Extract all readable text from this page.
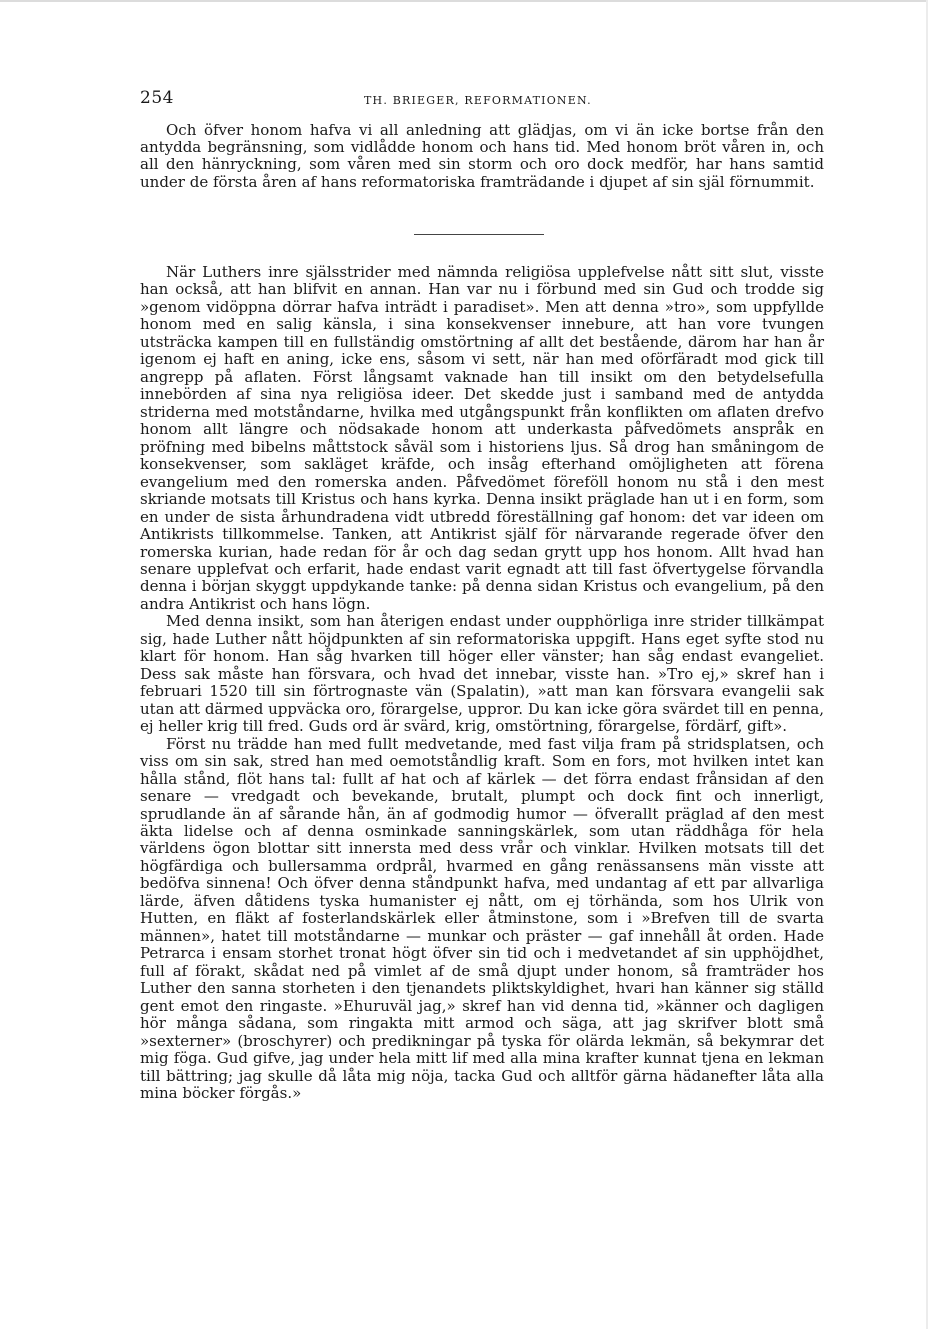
254	TH. BRIEGER, REFORMATIONEN.

Och öfver honom hafva vi all anledning att glädjas, om vi än icke bortse från den antydda begränsning, som vidlådde honom och hans tid. Med honom bröt våren in, och all den hänryckning, som våren med sin storm och oro dock medför, har hans samtid under de första åren af hans reformatoriska framträdande i djupet af sin själ förnummit.

När Luthers inre själsstrider med nämnda religiösa upplefvelse nått sitt slut, visste han också, att han blifvit en annan. Han var nu i förbund med sin Gud och trodde sig »genom vidöppna dörrar hafva inträdt i paradiset». Men att denna »tro», som uppfyllde honom med en salig känsla, i sina konsekvenser innebure, att han vore tvungen utsträcka kampen till en fullständig omstörtning af allt det bestående, därom har han år igenom ej haft en aning, icke ens, såsom vi sett, när han med oförfäradt mod gick till angrepp på aflaten. Först långsamt vaknade han till insikt om den betydelsefulla innebörden af sina nya religiösa ideer. Det skedde just i samband med de antydda striderna med motståndarne, hvilka med utgångspunkt från konflikten om aflaten drefvo honom allt längre och nödsakade honom att underkasta påfvedömets anspråk en pröfning med bibelns måttstock såväl som i historiens ljus. Så drog han småningom de konsekvenser, som sakläget kräfde, och insåg efterhand omöjligheten att förena evangelium med den romerska anden. Påfvedömet föreföll honom nu stå i den mest skriande motsats till Kristus och hans kyrka. Denna insikt präglade han ut i en form, som en under de sista århundradena vidt utbredd föreställning gaf honom: det var ideen om Antikrists tillkommelse. Tanken, att Antikrist själf för närvarande regerade öfver den romerska kurian, hade redan för år och dag sedan grytt upp hos honom. Allt hvad han senare upplefvat och erfarit, hade endast varit egnadt att till fast öfvertygelse förvandla denna i början skyggt uppdykande tanke: på denna sidan Kristus och evangelium, på den andra Antikrist och hans lögn.

Med denna insikt, som han återigen endast under oupphörliga inre strider tillkämpat sig, hade Luther nått höjdpunkten af sin reformatoriska uppgift. Hans eget syfte stod nu klart för honom. Han såg hvarken till höger eller vänster; han såg endast evangeliet. Dess sak måste han försvara, och hvad det innebar, visste han. »Tro ej,» skref han i februari 1520 till sin förtrognaste vän (Spalatin), »att man kan försvara evangelii sak utan att därmed uppväcka oro, förargelse, uppror. Du kan icke göra svärdet till en penna, ej heller krig till fred. Guds ord är svärd, krig, omstörtning, förargelse, fördärf, gift».

Först nu trädde han med fullt medvetande, med fast vilja fram på stridsplatsen, och viss om sin sak, stred han med oemotståndlig kraft. Som en fors, mot hvilken intet kan hålla stånd, flöt hans tal: fullt af hat och af kärlek — det förra endast frånsidan af den senare — vredgadt och bevekande, brutalt, plumpt och dock fint och innerligt, sprudlande än af sårande hån, än af godmodig humor — öfverallt präglad af den mest äkta lidelse och af denna osminkade sanningskärlek, som utan räddhåga för hela världens ögon blottar sitt innersta med dess vrår och vinklar. Hvilken motsats till det högfärdiga och bullersamma ordprål, hvarmed en gång renässansens män visste att bedöfva sinnena! Och öfver denna ståndpunkt hafva, med undantag af ett par allvarliga lärde, äfven dåtidens tyska humanister ej nått, om ej törhända, som hos Ulrik von Hutten, en fläkt af fosterlandskärlek eller åtminstone, som i »Brefven till de svarta männen», hatet till motståndarne — munkar och präster — gaf innehåll åt orden. Hade Petrarca i ensam storhet tronat högt öfver sin tid och i medvetandet af sin upphöjdhet, full af förakt, skådat ned på vimlet af de små djupt under honom, så framträder hos Luther den sanna storheten i den tjenandets pliktskyldighet, hvari han känner sig ställd gent emot den ringaste. »Ehuruväl jag,» skref han vid denna tid, »känner och dagligen hör många sådana, som ringakta mitt armod och säga, att jag skrifver blott små »sexterner» (broschyrer) och predikningar på tyska för olärda lekmän, så bekymrar det mig föga. Gud gifve, jag under hela mitt lif med alla mina krafter kunnat tjena en lekman till bättring; jag skulle då låta mig nöja, tacka Gud och alltför gärna hädanefter låta alla mina böcker förgås.»
